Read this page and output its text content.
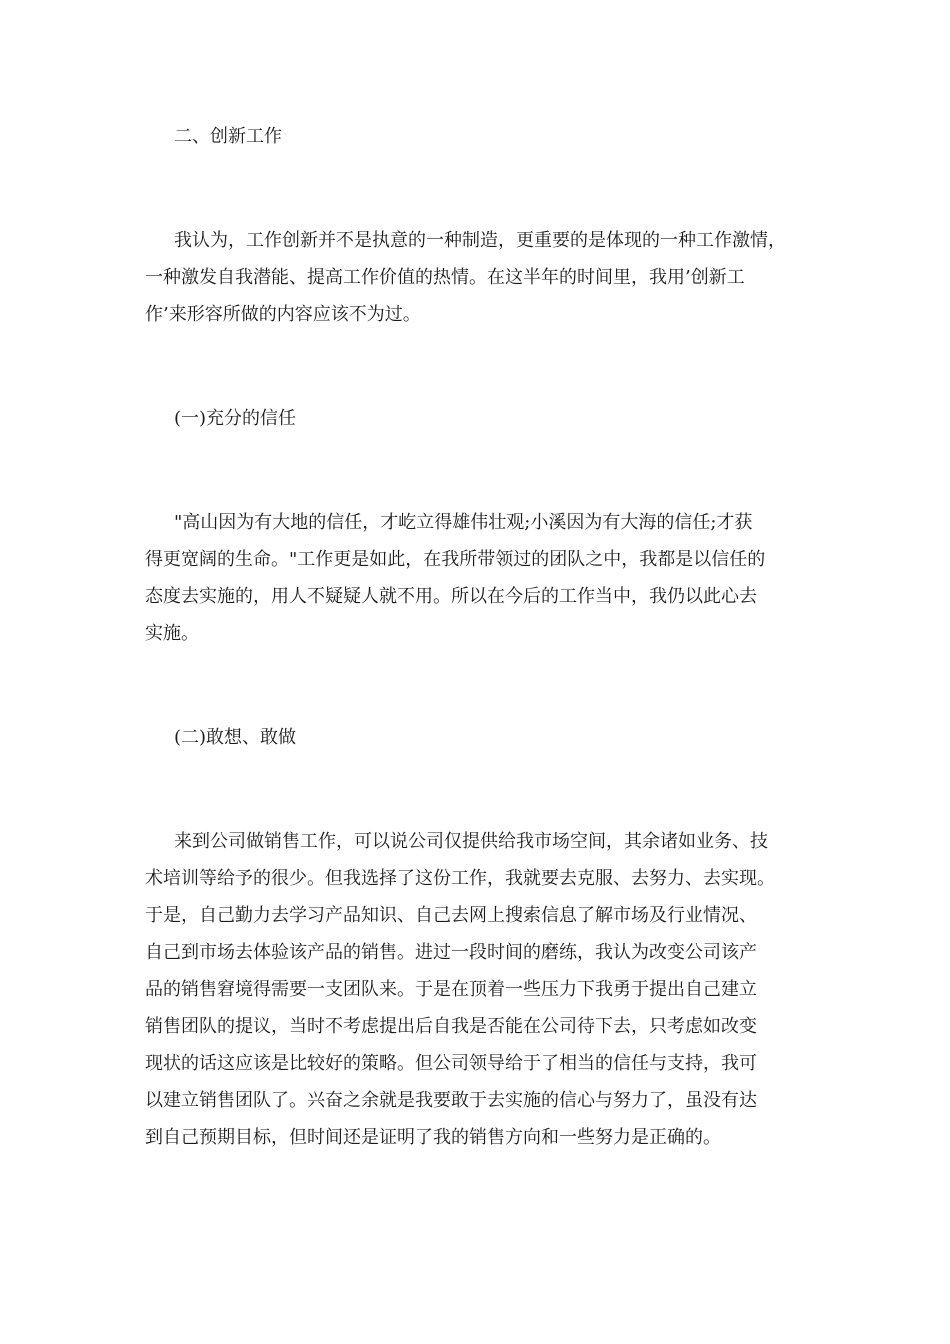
二、创新工作
我认为，工作创新并不是执意的一种制造，更重要的是体现的一种工作激情，
一种激发自我潜能、提高工作价值的热情。在这半年的时间里，我用’创新工
作’来形容所做的内容应该不为过。
(一)充分的信任
"高山因为有大地的信任，才屹立得雄伟壮观;小溪因为有大海的信任;才获
得更宽阔的生命。"工作更是如此，在我所带领过的团队之中，我都是以信任的
态度去实施的，用人不疑疑人就不用。所以在今后的工作当中，我仍以此心去
实施。
(二)敢想、敢做
来到公司做销售工作，可以说公司仅提供给我市场空间，其余诸如业务、技
术培训等给予的很少。但我选择了这份工作，我就要去克服、去努力、去实现。
于是，自己勤力去学习产品知识、自己去网上搜索信息了解市场及行业情况、
自己到市场去体验该产品的销售。进过一段时间的磨练，我认为改变公司该产
品的销售窘境得需要一支团队来。于是在顶着一些压力下我勇于提出自己建立
销售团队的提议，当时不考虑提出后自我是否能在公司待下去，只考虑如改变
现状的话这应该是比较好的策略。但公司领导给于了相当的信任与支持，我可
以建立销售团队了。兴奋之余就是我要敢于去实施的信心与努力了，虽没有达
到自己预期目标，但时间还是证明了我的销售方向和一些努力是正确的。
